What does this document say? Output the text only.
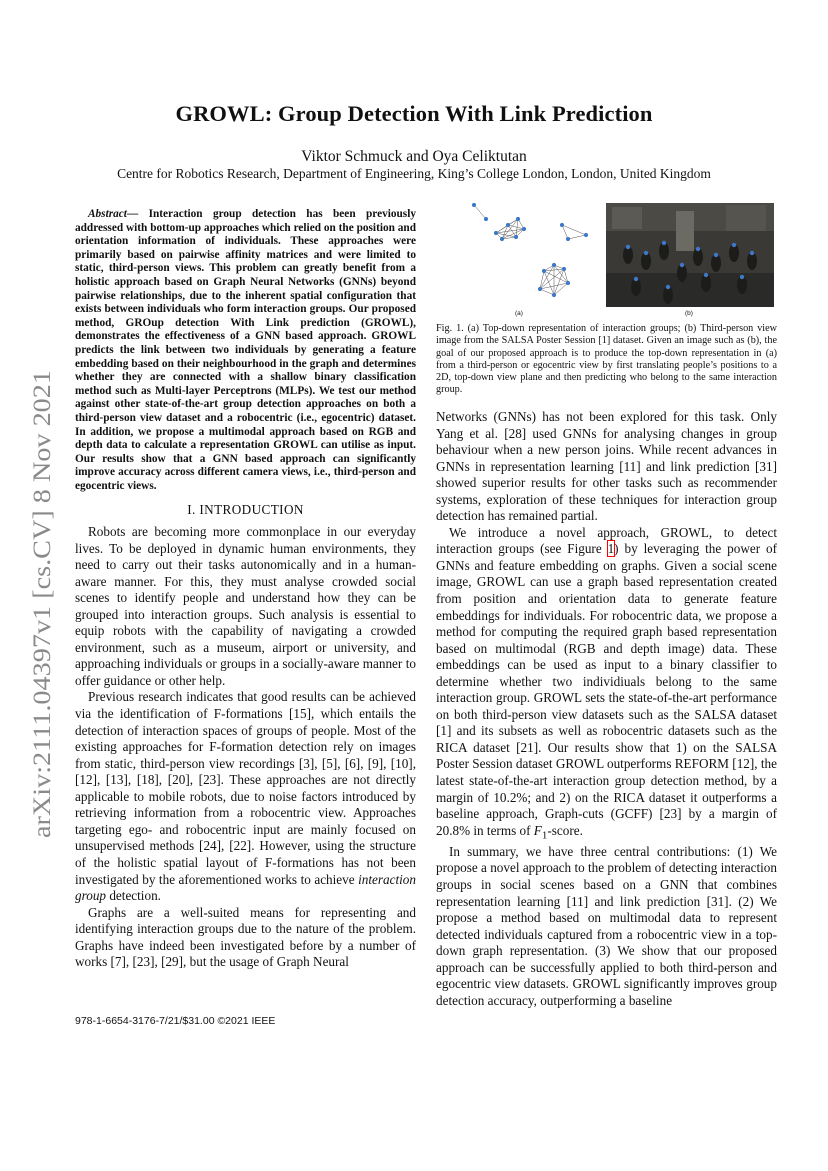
arXiv:2111.04397v1 [cs.CV] 8 Nov 2021
GROWL: Group Detection With Link Prediction
Viktor Schmuck and Oya Celiktutan
Centre for Robotics Research, Department of Engineering, King’s College London, London, United Kingdom

Abstract— Interaction group detection has been previously addressed with bottom-up approaches which relied on the position and orientation information of individuals. These approaches were primarily based on pairwise affinity matrices and were limited to static, third-person views. This problem can greatly benefit from a holistic approach based on Graph Neural Networks (GNNs) beyond pairwise relationships, due to the inherent spatial configuration that exists between individuals who form interaction groups. Our proposed method, GROup detection With Link prediction (GROWL), demonstrates the effectiveness of a GNN based approach. GROWL predicts the link between two individuals by generating a feature embedding based on their neighbourhood in the graph and determines whether they are connected with a shallow binary classification method such as Multi-layer Perceptrons (MLPs). We test our method against other state-of-the-art group detection approaches on both a third-person view dataset and a robocentric (i.e., egocentric) dataset. In addition, we propose a multimodal approach based on RGB and depth data to calculate a representation GROWL can utilise as input. Our results show that a GNN based approach can significantly improve accuracy across different camera views, i.e., third-person and egocentric views.

I. INTRODUCTION

Robots are becoming more commonplace in our everyday lives. To be deployed in dynamic human environments, they need to carry out their tasks autonomically and in a human-aware manner. For this, they must analyse crowded social scenes to identify people and understand how they can be grouped into interaction groups. Such analysis is essential to equip robots with the capability of navigating a crowded environment, such as a museum, airport or university, and approaching individuals or groups in a socially-aware manner to offer guidance or other help.

Previous research indicates that good results can be achieved via the identification of F-formations [15], which entails the detection of interaction spaces of groups of people. Most of the existing approaches for F-formation detection rely on images from static, third-person view recordings [3], [5], [6], [9], [10], [12], [13], [18], [20], [23]. These approaches are not directly applicable to mobile robots, due to noise factors introduced by retrieving information from a robocentric view. Approaches targeting ego- and robocentric input are mainly focused on unsupervised methods [24], [22]. However, using the structure of the holistic spatial layout of F-formations has not been investigated by the aforementioned works to achieve interaction group detection.

Graphs are a well-suited means for representing and identifying interaction groups due to the nature of the problem. Graphs have indeed been investigated before by a number of works [7], [23], [29], but the usage of Graph Neural

(a)	(b)

Fig. 1. (a) Top-down representation of interaction groups; (b) Third-person view image from the SALSA Poster Session [1] dataset. Given an image such as (b), the goal of our proposed approach is to produce the top-down representation in (a) from a third-person or egocentric view by first translating people’s positions to a 2D, top-down view plane and then predicting who belong to the same interaction group.

Networks (GNNs) has not been explored for this task. Only Yang et al. [28] used GNNs for analysing changes in group behaviour when a new person joins. While recent advances in GNNs in representation learning [11] and link prediction [31] showed superior results for other tasks such as recommender systems, exploration of these techniques for interaction group detection has remained partial.

We introduce a novel approach, GROWL, to detect interaction groups (see Figure 1) by leveraging the power of GNNs and feature embedding on graphs. Given a social scene image, GROWL can use a graph based representation created from position and orientation data to generate feature embeddings for individuals. For robocentric data, we propose a method for computing the required graph based representation based on multimodal (RGB and depth image) data. These embeddings can be used as input to a binary classifier to determine whether two individiuals belong to the same interaction group. GROWL sets the state-of-the-art performance on both third-person view datasets such as the SALSA dataset [1] and its subsets as well as robocentric datasets such as the RICA dataset [21]. Our results show that 1) on the SALSA Poster Session dataset GROWL outperforms REFORM [12], the latest state-of-the-art interaction group detection method, by a margin of 10.2%; and 2) on the RICA dataset it outperforms a baseline approach, Graph-cuts (GCFF) [23] by a margin of 20.8% in terms of $F_1$-score.

In summary, we have three central contributions: (1) We propose a novel approach to the problem of detecting interaction groups in social scenes based on a GNN that combines representation learning [11] and link prediction [31]. (2) We propose a method based on multimodal data to represent detected individuals captured from a robocentric view in a top-down graph representation. (3) We show that our proposed approach can be successfully applied to both third-person and egocentric view datasets. GROWL significantly improves group detection accuracy, outperforming a baseline

978-1-6654-3176-7/21/$31.00 ©2021 IEEE
